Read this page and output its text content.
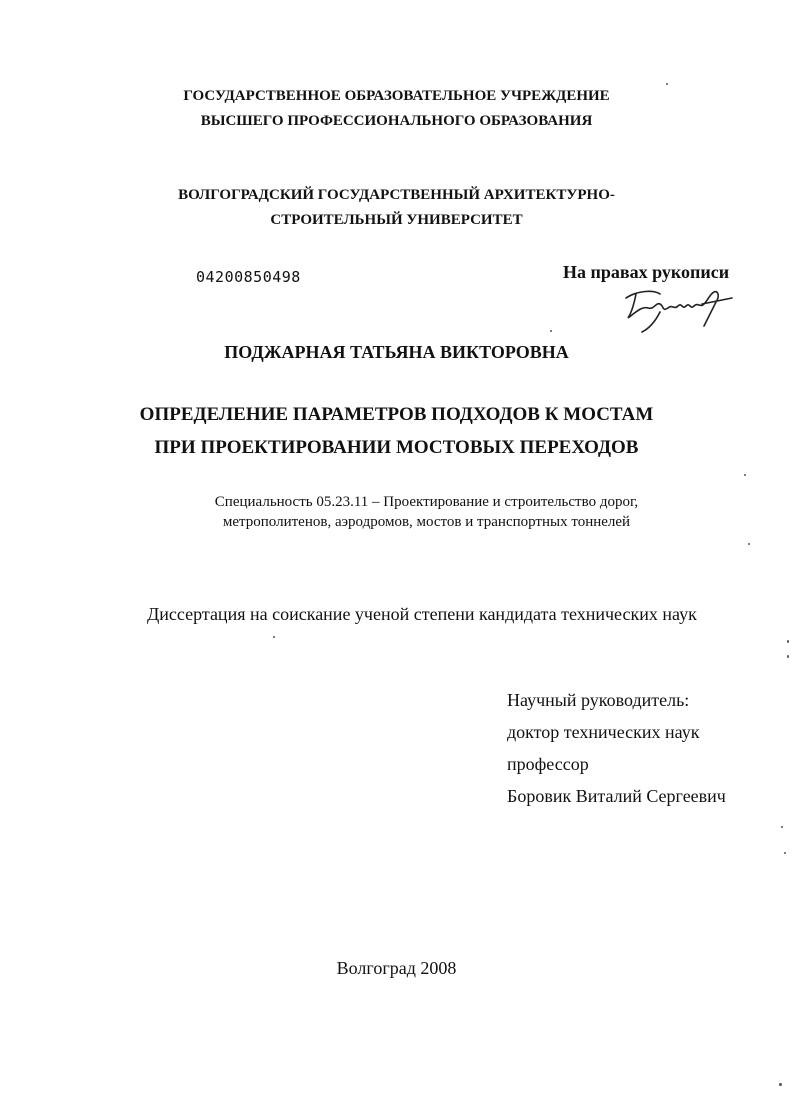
ГОСУДАРСТВЕННОЕ ОБРАЗОВАТЕЛЬНОЕ УЧРЕЖДЕНИЕ
ВЫСШЕГО ПРОФЕССИОНАЛЬНОГО ОБРАЗОВАНИЯ
ВОЛГОГРАДСКИЙ ГОСУДАРСТВЕННЫЙ АРХИТЕКТУРНО-
СТРОИТЕЛЬНЫЙ УНИВЕРСИТЕТ
04200850498	На правах рукописи
ПОДЖАРНАЯ ТАТЬЯНА ВИКТОРОВНА
ОПРЕДЕЛЕНИЕ ПАРАМЕТРОВ ПОДХОДОВ К МОСТАМ
ПРИ ПРОЕКТИРОВАНИИ МОСТОВЫХ ПЕРЕХОДОВ
Специальность 05.23.11 – Проектирование и строительство дорог,
метрополитенов, аэродромов, мостов и транспортных тоннелей
Диссертация на соискание ученой степени кандидата технических наук
Научный руководитель:
доктор технических наук
профессор
Боровик Виталий Сергеевич
Волгоград 2008
